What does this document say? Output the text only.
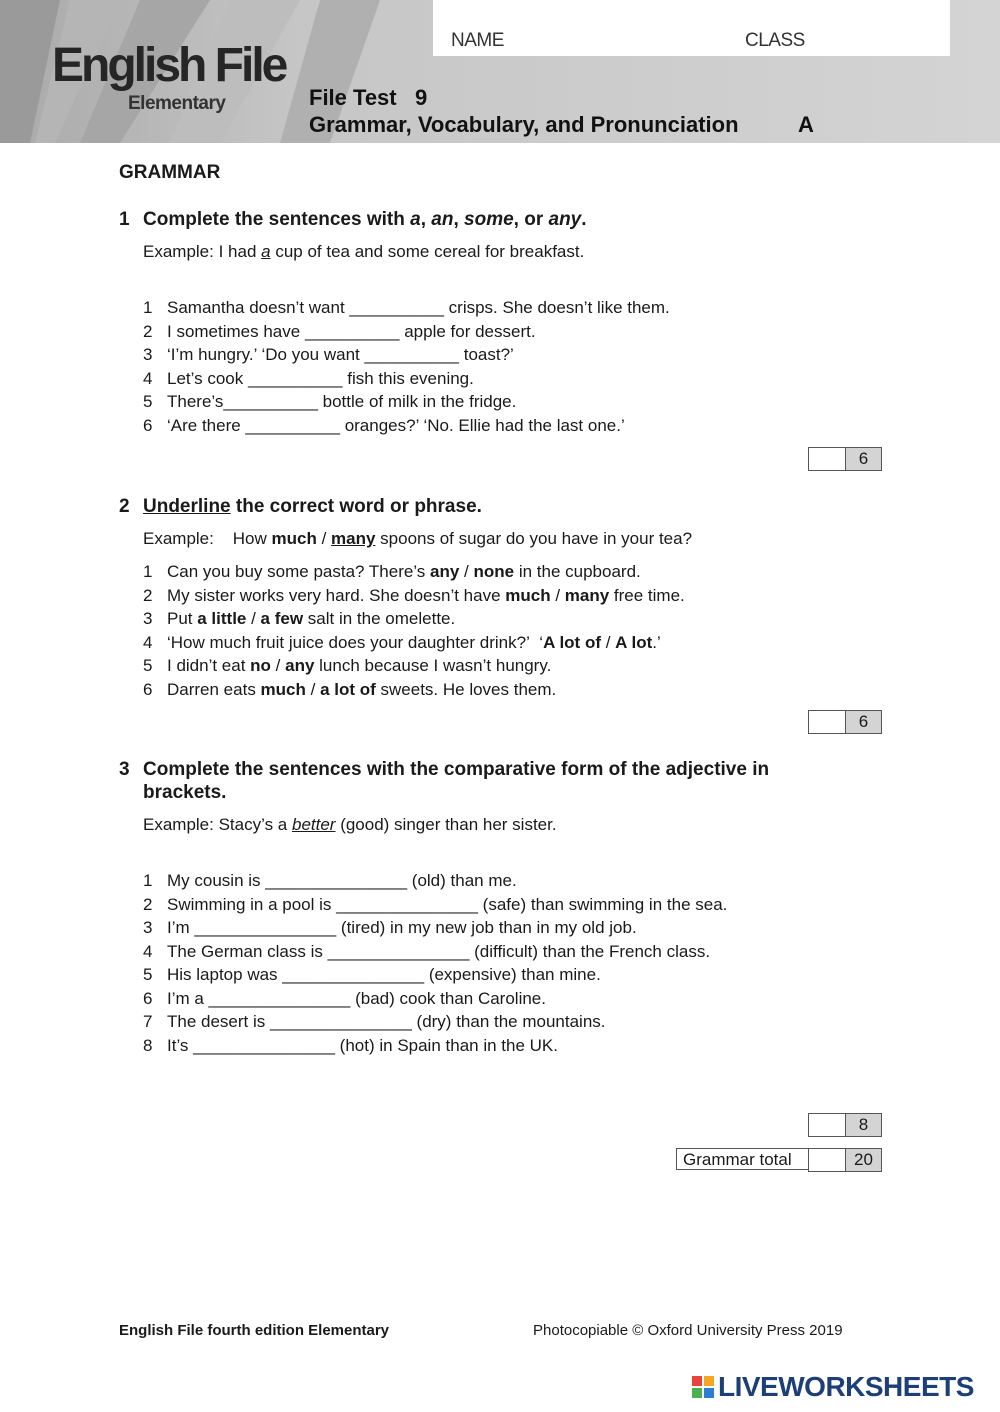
English File
Elementary
NAME	CLASS
File Test   9
Grammar, Vocabulary, and Pronunciation	A
GRAMMAR
1 Complete the sentences with a, an, some, or any.
Example: I had a cup of tea and some cereal for breakfast.
1 Samantha doesn’t want __________ crisps. She doesn’t like them.
2 I sometimes have __________ apple for dessert.
3 ‘I’m hungry.’ ‘Do you want __________ toast?’
4 Let’s cook __________ fish this evening.
5 There’s__________ bottle of milk in the fridge.
6 ‘Are there __________ oranges?’ ‘No. Ellie had the last one.’
6
2 Underline the correct word or phrase.
Example:    How much / many spoons of sugar do you have in your tea?
1 Can you buy some pasta? There’s any / none in the cupboard.
2 My sister works very hard. She doesn’t have much / many free time.
3 Put a little / a few salt in the omelette.
4 ‘How much fruit juice does your daughter drink?’  ‘A lot of / A lot.’
5 I didn’t eat no / any lunch because I wasn’t hungry.
6 Darren eats much / a lot of sweets. He loves them.
6
3 Complete the sentences with the comparative form of the adjective in brackets.
Example: Stacy’s a better (good) singer than her sister.
1 My cousin is _______________ (old) than me.
2 Swimming in a pool is _______________ (safe) than swimming in the sea.
3 I’m _______________ (tired) in my new job than in my old job.
4 The German class is _______________ (difficult) than the French class.
5 His laptop was _______________ (expensive) than mine.
6 I’m a _______________ (bad) cook than Caroline.
7 The desert is _______________ (dry) than the mountains.
8 It’s _______________ (hot) in Spain than in the UK.
8
Grammar total	20
English File fourth edition Elementary	Photocopiable © Oxford University Press 2019
LIVEWORKSHEETS
